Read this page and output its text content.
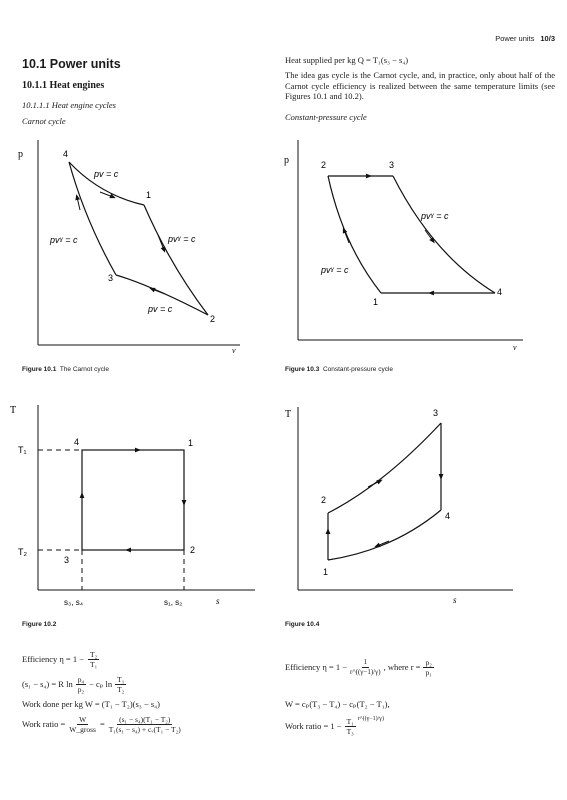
Power units 10/3
10.1 Power units
10.1.1 Heat engines
10.1.1.1 Heat engine cycles
Carnot cycle
Heat supplied per kg Q = T₁(s₃ − s₄)
The idea gas cycle is the Carnot cycle, and, in practice, only about half of the Carnot cycle efficiency is realized between the same temperature limits (see Figures 10.1 and 10.2).
Constant-pressure cycle
p
v
4
1
3
2
pv = c
pv = c
pvˠ = c	pvˠ = c
Figure 10.1 The Carnot cycle
p
v
2	3
1
4
pvˠ = c
pvˠ = c
Figure 10.3 Constant-pressure cycle
T
s
T₁
T₂
4	1
2
3
s₃, s₄	s₁, s₂
Figure 10.2
T
s
3
2
4
1
Figure 10.4
Efficiency $\eta = 1 - \frac{\text{T₂}}{\text{T₁}}$
(s₁ − s₄) = R $\ln \frac{\text{p₄}}{\text{p₂}} - c_p$ $\ln \frac{\text{T₁}}{\text{T₂}}$
Work done per kg W = (T₁ − T₂)(s₃ − s₄)
Work ratio = W
W_gross = $\frac{\text{(s₁ − s₄)(T₁ − T₂)}}{\text{T₁(s₁ − s₄) + cᵥ(T₁ − T₂)}}$
Efficiency $\eta = 1 - \frac{1}{r\^{}((\gamma-1)/\gamma)}$ , where $r = \frac{\text{p₂}}{\text{p₁}}$
W = cₚ(T₃ − T₄) − cₚ(T₂ − T₁),
Work ratio = $1 - \frac{\text{T₁}}{\text{T₃}}$ r^((γ−1)/γ)
